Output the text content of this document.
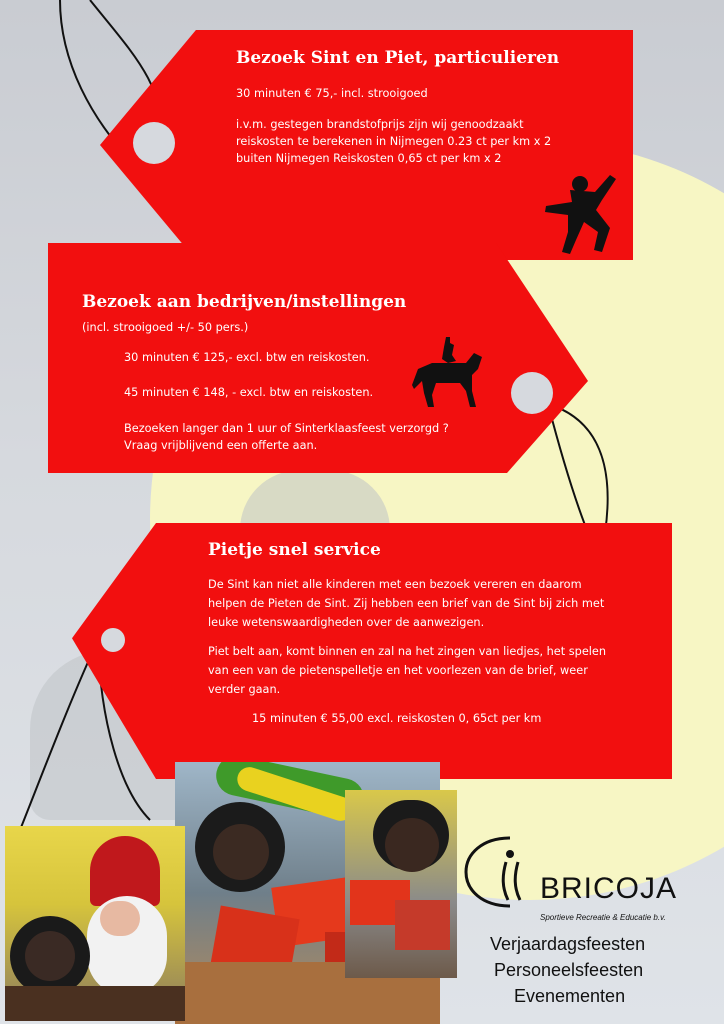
Bezoek Sint en Piet, particulieren
30 minuten € 75,- incl. strooigoed
i.v.m. gestegen brandstofprijs zijn wij genoodzaakt
reiskosten te berekenen in Nijmegen 0.23 ct per km x 2
buiten Nijmegen Reiskosten 0,65 ct per km x 2
Bezoek aan bedrijven/instellingen
(incl. strooigoed +/- 50 pers.)
30 minuten € 125,- excl. btw en reiskosten.
45 minuten € 148, - excl. btw en reiskosten.
Bezoeken langer dan 1 uur of Sinterklaasfeest verzorgd ?
Vraag vrijblijvend een offerte aan.
Pietje snel service
De Sint kan niet alle kinderen met een bezoek vereren en daarom
helpen de Pieten de Sint. Zij hebben een brief van de Sint bij zich met
leuke wetenswaardigheden over de aanwezigen.
Piet belt aan, komt binnen en zal na het zingen van liedjes, het spelen
van een van de pietenspelletje en het voorlezen van de brief, weer
verder gaan.
15 minuten € 55,00 excl. reiskosten 0, 65ct per km
BRICOJA
Sportieve Recreatie & Educatie b.v.
Verjaardagsfeesten
Personeelsfeesten
Evenementen
